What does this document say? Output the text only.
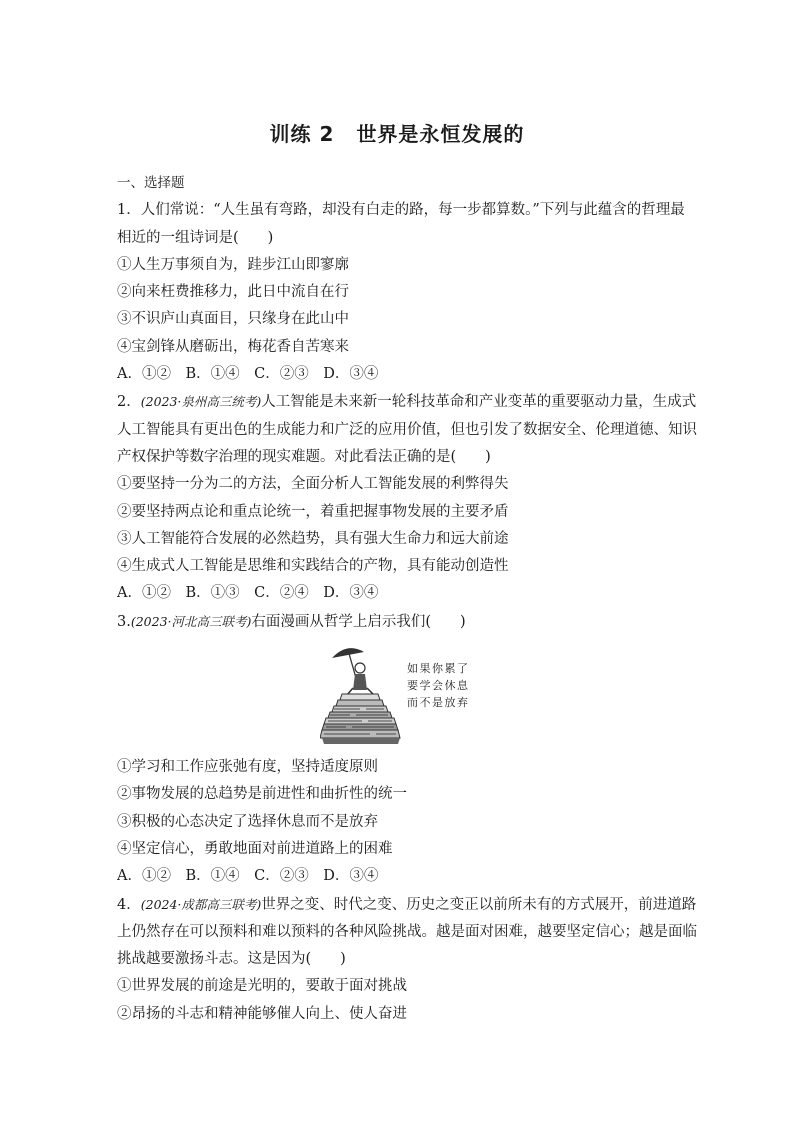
训练 2 世界是永恒发展的
一、选择题
1．人们常说：“人生虽有弯路，却没有白走的路，每一步都算数。”下列与此蕴含的哲理最
相近的一组诗词是(　　)
①人生万事须自为，跬步江山即寥廓
②向来枉费推移力，此日中流自在行
③不识庐山真面目，只缘身在此山中
④宝剑锋从磨砺出，梅花香自苦寒来
A．①②　B．①④　C．②③　D．③④
2．(2023·泉州高三统考)人工智能是未来新一轮科技革命和产业变革的重要驱动力量，生成式
人工智能具有更出色的生成能力和广泛的应用价值，但也引发了数据安全、伦理道德、知识
产权保护等数字治理的现实难题。对此看法正确的是(　　)
①要坚持一分为二的方法，全面分析人工智能发展的利弊得失
②要坚持两点论和重点论统一，着重把握事物发展的主要矛盾
③人工智能符合发展的必然趋势，具有强大生命力和远大前途
④生成式人工智能是思维和实践结合的产物，具有能动创造性
A．①②　B．①③　C．②④　D．③④
3.(2023·河北高三联考)右面漫画从哲学上启示我们(　　)
如果你累了
要学会休息
而不是放弃
①学习和工作应张弛有度，坚持适度原则
②事物发展的总趋势是前进性和曲折性的统一
③积极的心态决定了选择休息而不是放弃
④坚定信心，勇敢地面对前进道路上的困难
A．①②　B．①④　C．②③　D．③④
4．(2024·成都高三联考)世界之变、时代之变、历史之变正以前所未有的方式展开，前进道路
上仍然存在可以预料和难以预料的各种风险挑战。越是面对困难，越要坚定信心；越是面临
挑战越要激扬斗志。这是因为(　　)
①世界发展的前途是光明的，要敢于面对挑战
②昂扬的斗志和精神能够催人向上、使人奋进
